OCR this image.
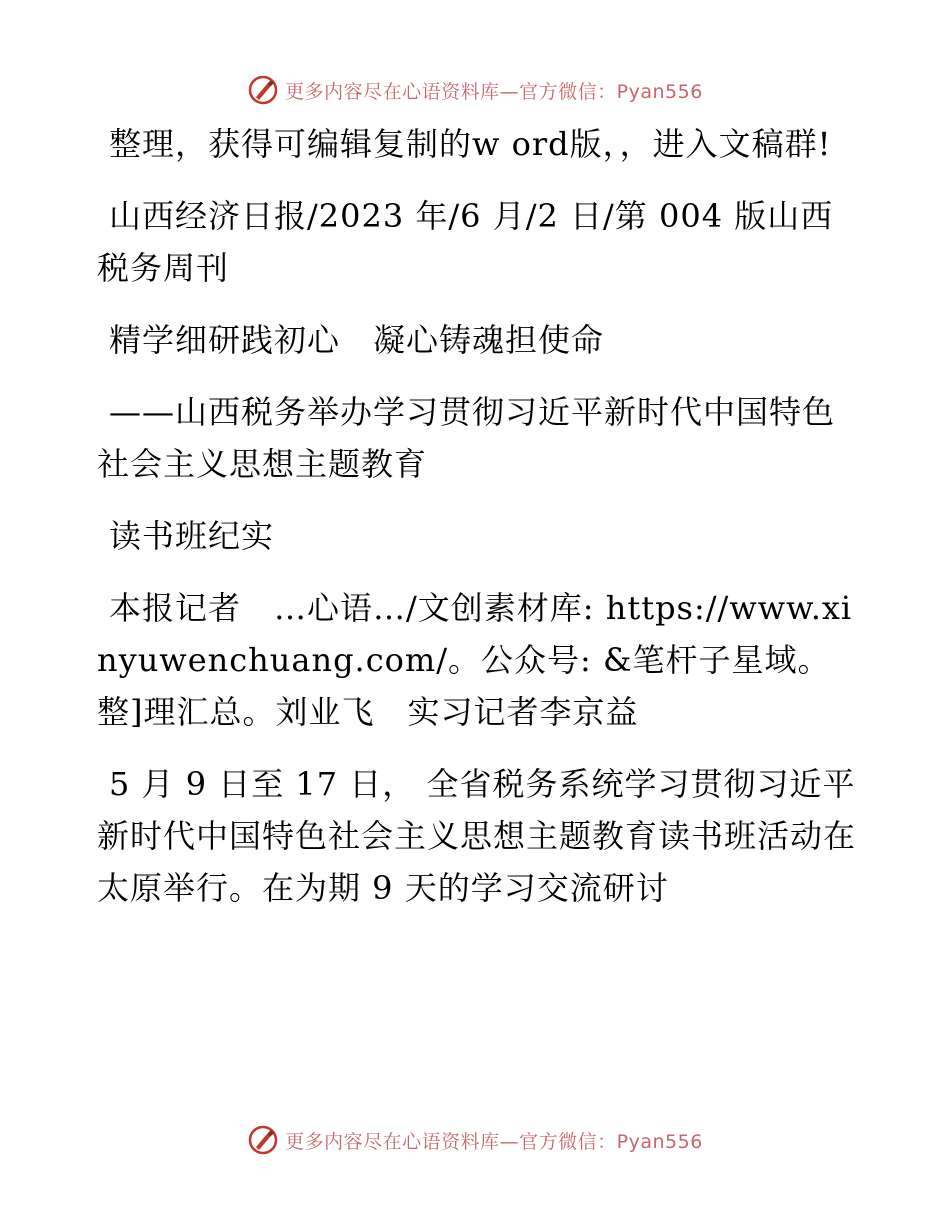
更多内容尽在心语资料库—官方微信：Pyan556

整理，获得可编辑复制的w ord版，，进入文稿群!

山西经济日报/2023 年/6 月/2 日/第 004 版山西税务周刊

精学细研践初心　凝心铸魂担使命

——山西税务举办学习贯彻习近平新时代中国特色社会主义思想主题教育

读书班纪实

本报记者　…心语…/文创素材库: https://www.xinyuwenchuang.com/。公众号: &笔杆子星域。整]理汇总。刘业飞　实习记者李京益

5 月 9 日至 17 日， 全省税务系统学习贯彻习近平新时代中国特色社会主义思想主题教育读书班活动在太原举行。在为期 9 天的学习交流研讨

更多内容尽在心语资料库—官方微信：Pyan556
